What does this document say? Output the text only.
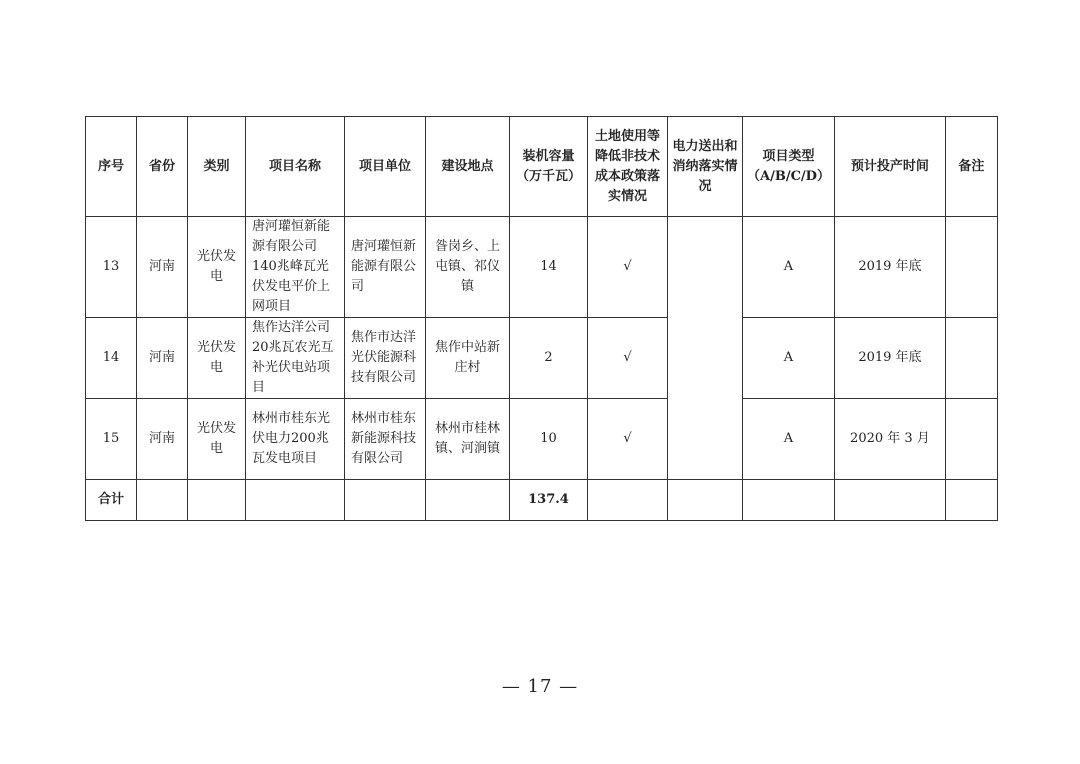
序号	省份	类别	项目名称	项目单位	建设地点	装机容量（万千瓦）	土地使用等降低非技术成本政策落实情况	电力送出和消纳落实情况	项目类型（A/B/C/D）	预计投产时间	备注
13	河南	光伏发电	唐河瓘恒新能源有限公司140兆峰瓦光伏发电平价上网项目	唐河瓘恒新能源有限公司	昝岗乡、上屯镇、祁仪镇	14	√		A	2019 年底	
14	河南	光伏发电	焦作达洋公司20兆瓦农光互补光伏电站项目	焦作市达洋光伏能源科技有限公司	焦作中站新庄村	2	√		A	2019 年底	
15	河南	光伏发电	林州市桂东光伏电力200兆瓦发电项目	林州市桂东新能源科技有限公司	林州市桂林镇、河涧镇	10	√		A	2020 年 3 月	
合计						137.4					
— 17 —
